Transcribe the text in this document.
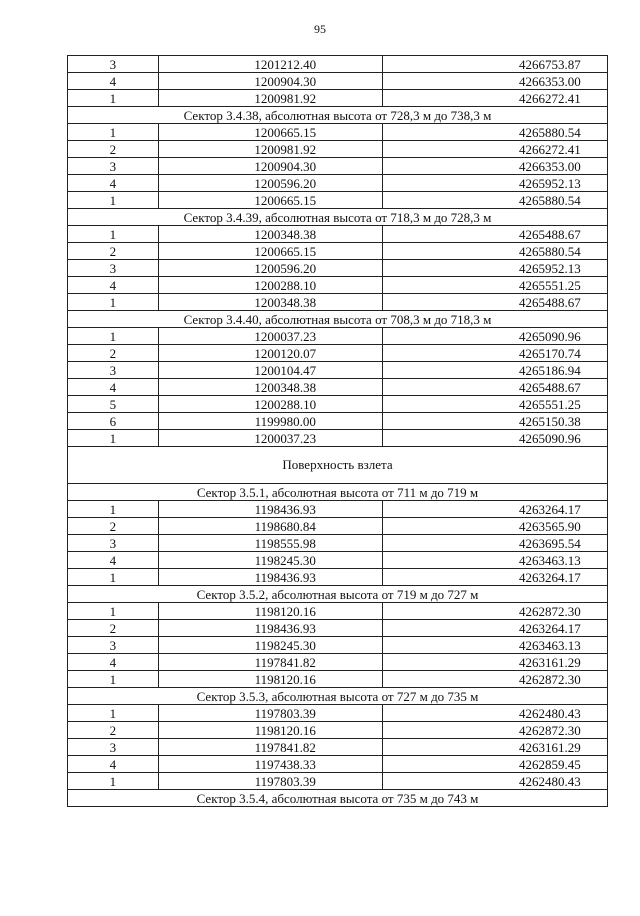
95
3	1201212.40	4266753.87
4	1200904.30	4266353.00
1	1200981.92	4266272.41
Сектор 3.4.38, абсолютная высота от 728,3 м до 738,3 м		
1	1200665.15	4265880.54
2	1200981.92	4266272.41
3	1200904.30	4266353.00
4	1200596.20	4265952.13
1	1200665.15	4265880.54
Сектор 3.4.39, абсолютная высота от 718,3 м до 728,3 м		
1	1200348.38	4265488.67
2	1200665.15	4265880.54
3	1200596.20	4265952.13
4	1200288.10	4265551.25
1	1200348.38	4265488.67
Сектор 3.4.40, абсолютная высота от 708,3 м до 718,3 м		
1	1200037.23	4265090.96
2	1200120.07	4265170.74
3	1200104.47	4265186.94
4	1200348.38	4265488.67
5	1200288.10	4265551.25
6	1199980.00	4265150.38
1	1200037.23	4265090.96
Поверхность взлета		
Сектор 3.5.1, абсолютная высота от 711 м до 719 м		
1	1198436.93	4263264.17
2	1198680.84	4263565.90
3	1198555.98	4263695.54
4	1198245.30	4263463.13
1	1198436.93	4263264.17
Сектор 3.5.2, абсолютная высота от 719 м до 727 м		
1	1198120.16	4262872.30
2	1198436.93	4263264.17
3	1198245.30	4263463.13
4	1197841.82	4263161.29
1	1198120.16	4262872.30
Сектор 3.5.3, абсолютная высота от 727 м до 735 м		
1	1197803.39	4262480.43
2	1198120.16	4262872.30
3	1197841.82	4263161.29
4	1197438.33	4262859.45
1	1197803.39	4262480.43
Сектор 3.5.4, абсолютная высота от 735 м до 743 м		
